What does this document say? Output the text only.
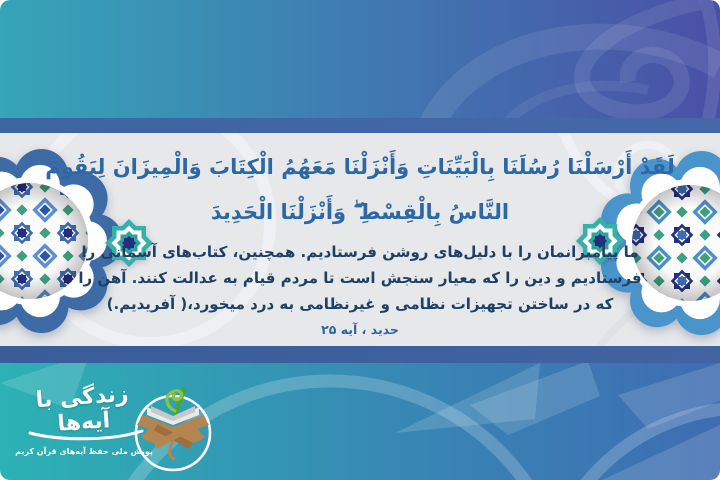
لَقَدْ أَرْسَلْنَا رُسُلَنَا بِالْبَيِّنَاتِ وَأَنْزَلْنَا مَعَهُمُ الْكِتَابَ وَالْمِيزَانَ لِيَقُومَ
النَّاسُ بِالْقِسْطِ ۖ وَأَنْزَلْنَا الْحَدِيدَ
ما پیامبرانمان را با دلیل‌های روشن فرستادیم. همچنین، کتاب‌های آسمانی را
فرستادیم و دین را که معیار سنجش است تا مردم قیام به عدالت کنند. آهن را
که در ساختن تجهیزات نظامی و غیرنظامی به درد میخورد،( آفریدیم.)
حدید ، آیه ۲۵
زندگی با آیه‌ها
پویش ملی حفظ آیه‌های قرآن کریم
